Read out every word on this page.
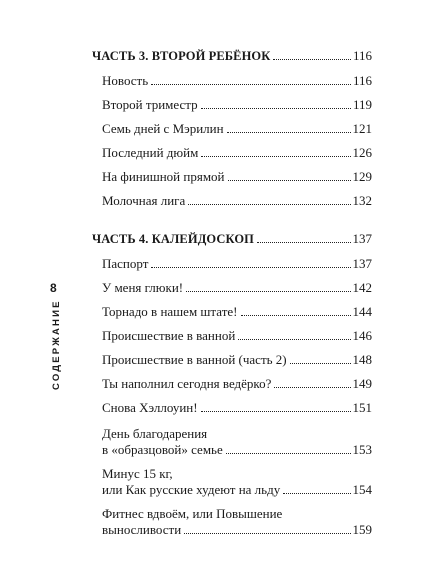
8
СОДЕРЖАНИЕ
ЧАСТЬ 3. ВТОРОЙ РЕБЁНОК	116
Новость	116
Второй триместр	119
Семь дней с Мэрилин	121
Последний дюйм	126
На финишной прямой	129
Молочная лига	132
ЧАСТЬ 4. КАЛЕЙДОСКОП	137
Паспорт	137
У меня глюки!	142
Торнадо в нашем штате!	144
Происшествие в ванной	146
Происшествие в ванной (часть 2)	148
Ты наполнил сегодня ведёрко?	149
Снова Хэллоуин!	151
День благодарения
в «образцовой» семье	153
Минус 15 кг,
или Как русские худеют на льду	154
Фитнес вдвоём, или Повышение
выносливости	159
